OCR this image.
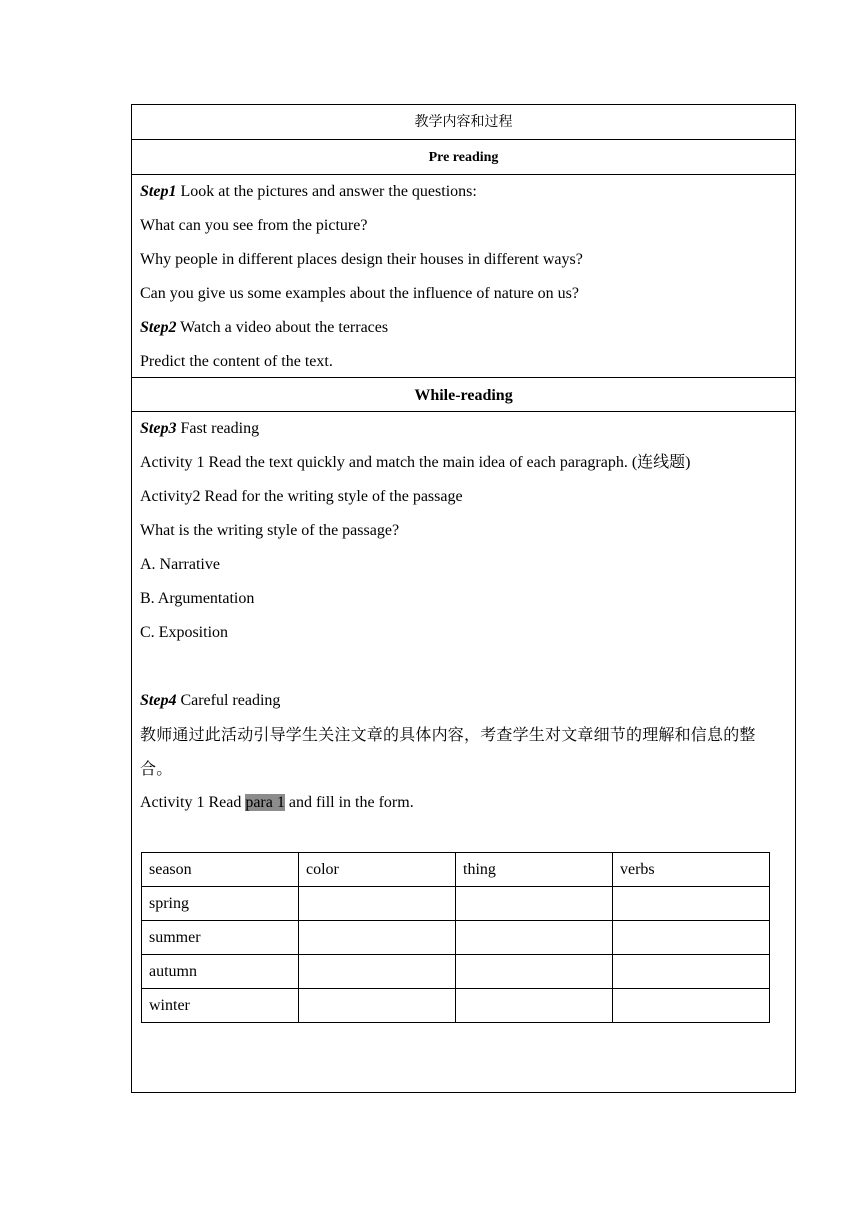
教学内容和过程
Pre reading
Step1 Look at the pictures and answer the questions:
What can you see from the picture?
Why people in different places design their houses in different ways?
Can you give us some examples about the influence of nature on us?
Step2 Watch a video about the terraces
Predict the content of the text.
While-reading
Step3 Fast reading
Activity 1 Read the text quickly and match the main idea of each paragraph. (连线题)
Activity2 Read for the writing style of the passage
What is the writing style of the passage?
A. Narrative
B. Argumentation
C. Exposition
Step4 Careful reading
教师通过此活动引导学生关注文章的具体内容，考查学生对文章细节的理解和信息的整合。
Activity 1 Read para 1 and fill in the form.
season	color	thing	verbs
spring			
summer			
autumn			
winter			
